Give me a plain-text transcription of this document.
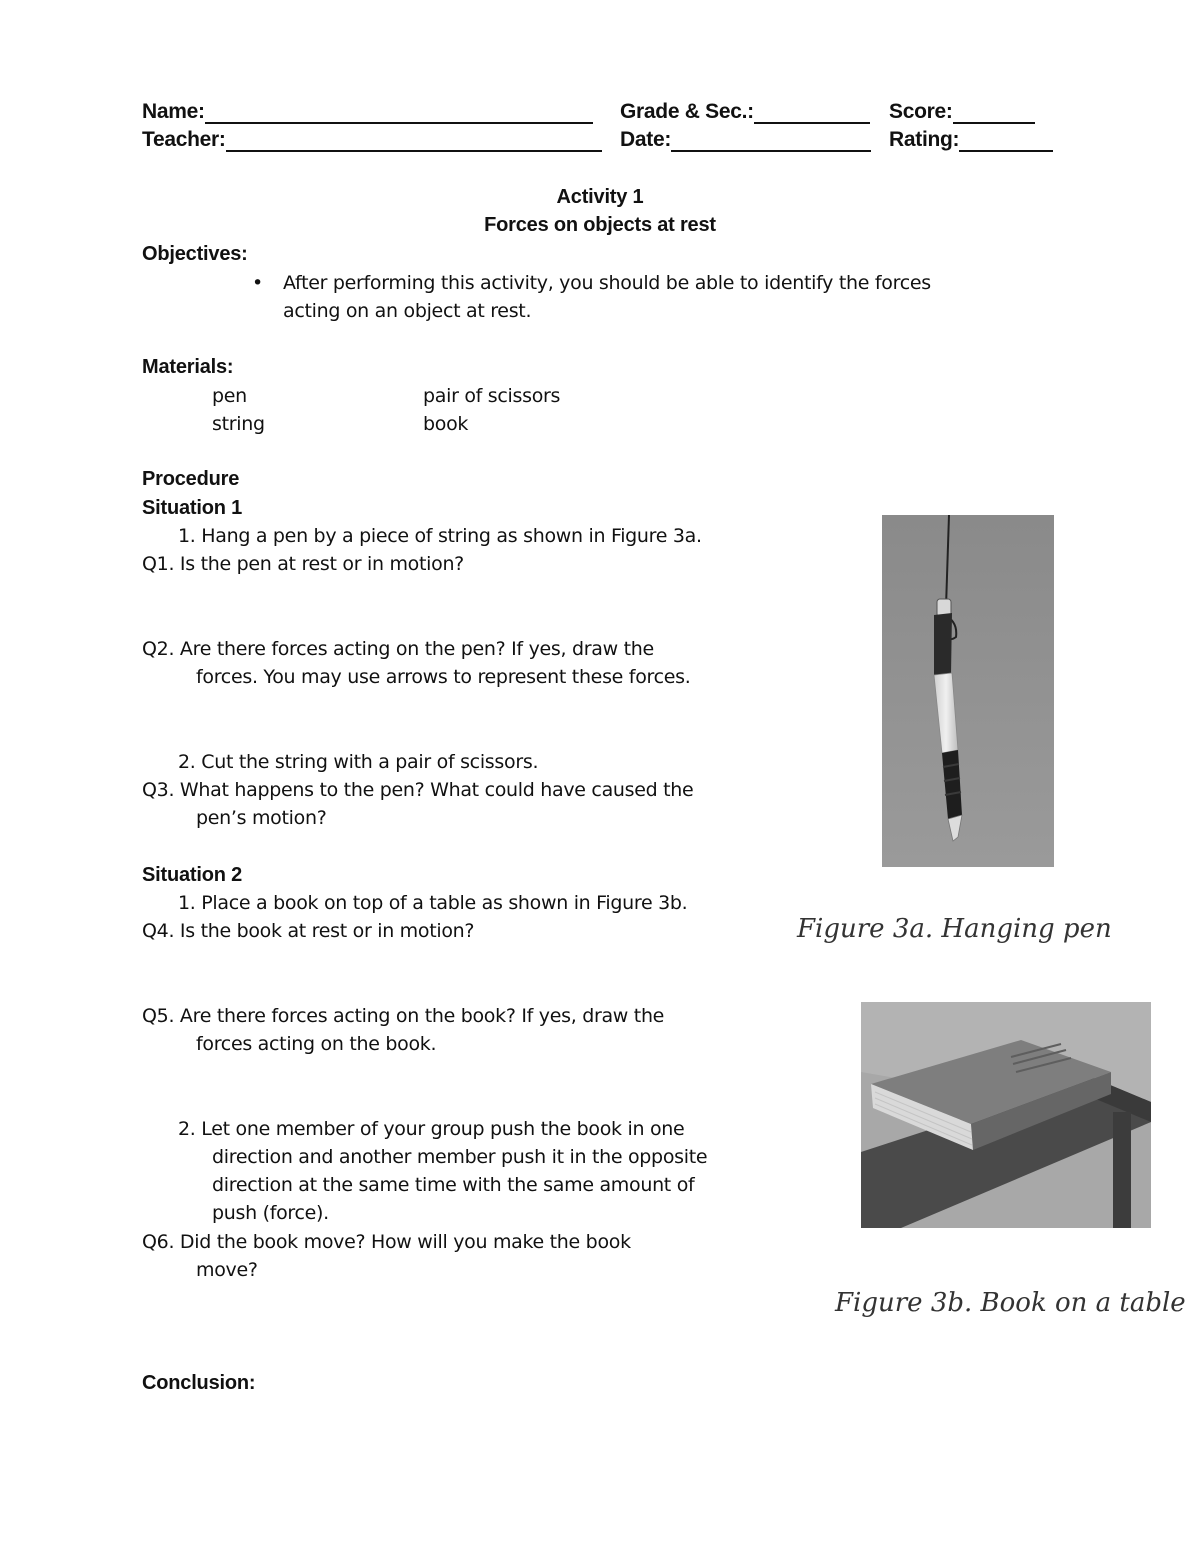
Name:	Grade & Sec.:	Score:
Teacher:	Date:	Rating:
Activity 1
Forces on objects at rest
Objectives:
• After performing this activity, you should be able to identify the forces
acting on an object at rest.
Materials:
pen	pair of scissors
string	book
Procedure
Situation 1
1. Hang a pen by a piece of string as shown in Figure 3a.
Q1. Is the pen at rest or in motion?
Q2. Are there forces acting on the pen? If yes, draw the
forces. You may use arrows to represent these forces.
2. Cut the string with a pair of scissors.
Q3. What happens to the pen? What could have caused the
pen’s motion?
Situation 2
1. Place a book on top of a table as shown in Figure 3b.
Q4. Is the book at rest or in motion?
Q5. Are there forces acting on the book? If yes, draw the
forces acting on the book.
2. Let one member of your group push the book in one
direction and another member push it in the opposite
direction at the same time with the same amount of
push (force).
Q6. Did the book move? How will you make the book
move?
Conclusion:
Figure 3a. Hanging pen
Figure 3b. Book on a table
